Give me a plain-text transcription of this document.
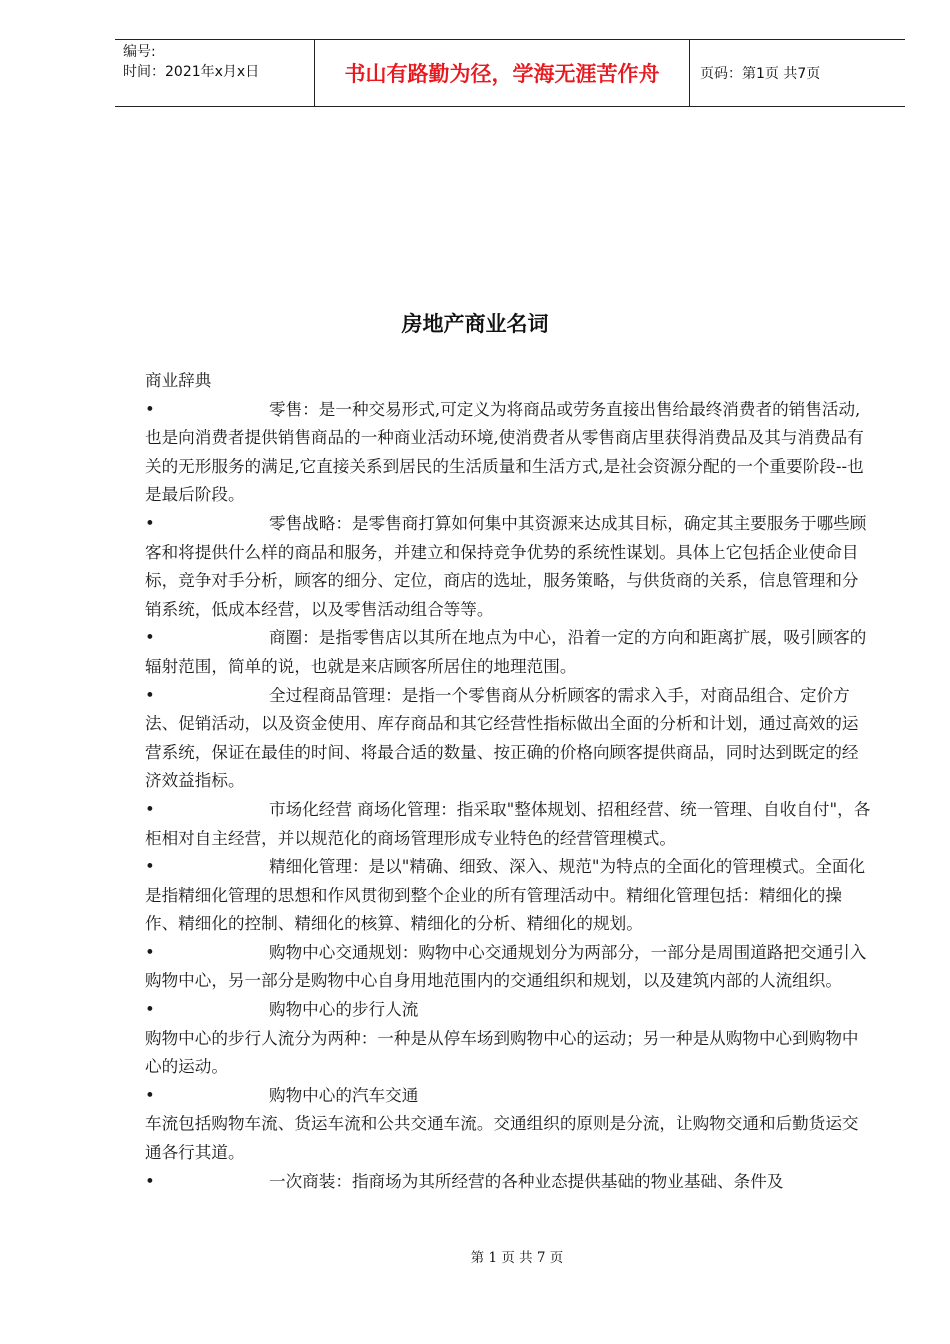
编号:
时间：2021年x月x日	书山有路勤为径，学海无涯苦作舟	页码：第1页 共7页
房地产商业名词

商业辞典

•	零售：是一种交易形式,可定义为将商品或劳务直接出售给最终消费者的销售活动,也是向消费者提供销售商品的一种商业活动环境,使消费者从零售商店里获得消费品及其与消费品有关的无形服务的满足,它直接关系到居民的生活质量和生活方式,是社会资源分配的一个重要阶段--也是最后阶段。

•	零售战略：是零售商打算如何集中其资源来达成其目标，确定其主要服务于哪些顾客和将提供什么样的商品和服务，并建立和保持竞争优势的系统性谋划。具体上它包括企业使命目标，竞争对手分析，顾客的细分、定位，商店的选址，服务策略，与供货商的关系，信息管理和分销系统，低成本经营，以及零售活动组合等等。

•	商圈：是指零售店以其所在地点为中心，沿着一定的方向和距离扩展，吸引顾客的辐射范围，简单的说，也就是来店顾客所居住的地理范围。

•	全过程商品管理：是指一个零售商从分析顾客的需求入手，对商品组合、定价方法、促销活动，以及资金使用、库存商品和其它经营性指标做出全面的分析和计划，通过高效的运营系统，保证在最佳的时间、将最合适的数量、按正确的价格向顾客提供商品，同时达到既定的经济效益指标。

•	市场化经营 商场化管理：指采取"整体规划、招租经营、统一管理、自收自付"，各柜相对自主经营，并以规范化的商场管理形成专业特色的经营管理模式。

•	精细化管理：是以"精确、细致、深入、规范"为特点的全面化的管理模式。全面化是指精细化管理的思想和作风贯彻到整个企业的所有管理活动中。精细化管理包括：精细化的操作、精细化的控制、精细化的核算、精细化的分析、精细化的规划。

•	购物中心交通规划：购物中心交通规划分为两部分，一部分是周围道路把交通引入购物中心，另一部分是购物中心自身用地范围内的交通组织和规划，以及建筑内部的人流组织。

•	购物中心的步行人流

购物中心的步行人流分为两种：一种是从停车场到购物中心的运动；另一种是从购物中心到购物中心的运动。

•	购物中心的汽车交通

车流包括购物车流、货运车流和公共交通车流。交通组织的原则是分流，让购物交通和后勤货运交通各行其道。

•	一次商装：指商场为其所经营的各种业态提供基础的物业基础、条件及

第 1 页 共 7 页
